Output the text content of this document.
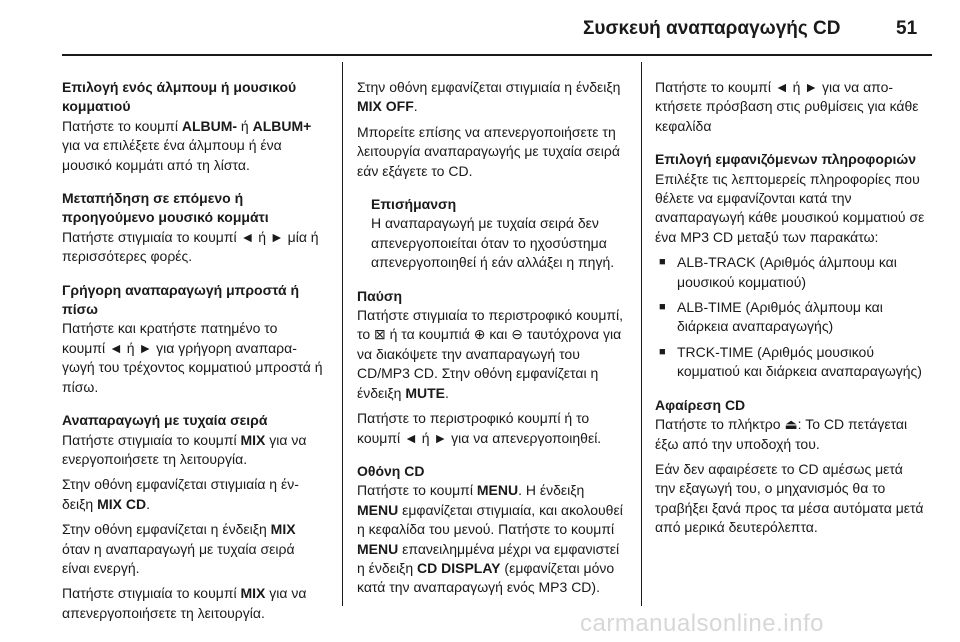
Συσκευή αναπαραγωγής CD	51
Επιλογή ενός άλμπουμ ή μουσικού κομματιού

Πατήστε το κουμπί ALBUM- ή ALBUM+ για να επιλέξετε ένα άλμπουμ ή ένα μουσικό κομμάτι από τη λίστα.

Μεταπήδηση σε επόμενο ή προηγούμενο μουσικό κομμάτι

Πατήστε στιγμιαία το κουμπί ◄ ή ► μία ή περισσότερες φορές.

Γρήγορη αναπαραγωγή μπροστά ή πίσω

Πατήστε και κρατήστε πατημένο το κουμπί ◄ ή ► για γρήγορη αναπαραγωγή του τρέχοντος κομματιού μπροστά ή πίσω.

Αναπαραγωγή με τυχαία σειρά

Πατήστε στιγμιαία το κουμπί MIX για να ενεργοποιήσετε τη λειτουργία.

Στην οθόνη εμφανίζεται στιγμιαία η ένδειξη MIX CD.

Στην οθόνη εμφανίζεται η ένδειξη MIX όταν η αναπαραγωγή με τυχαία σειρά είναι ενεργή.

Πατήστε στιγμιαία το κουμπί MIX για να απενεργοποιήσετε τη λειτουργία.

Στην οθόνη εμφανίζεται στιγμιαία η ένδειξη MIX OFF.

Μπορείτε επίσης να απενεργοποιήσετε τη λειτουργία αναπαραγωγής με τυχαία σειρά εάν εξάγετε το CD.

Επισήμανση

Η αναπαραγωγή με τυχαία σειρά δεν απενεργοποιείται όταν το ηχοσύστημα απενεργοποιηθεί ή εάν αλλάξει η πηγή.

Παύση

Πατήστε στιγμιαία το περιστροφικό κουμπί, το ⊠ ή τα κουμπιά ⊕ και ⊖ ταυτόχρονα για να διακόψετε την αναπαραγωγή του CD/MP3 CD. Στην οθόνη εμφανίζεται η ένδειξη MUTE.

Πατήστε το περιστροφικό κουμπί ή το κουμπί ◄ ή ► για να απενεργοποιηθεί.

Οθόνη CD

Πατήστε το κουμπί MENU. Η ένδειξη MENU εμφανίζεται στιγμιαία, και ακολουθεί η κεφαλίδα του μενού. Πατήστε το κουμπί MENU επανειλημμένα μέχρι να εμφανιστεί η ένδειξη CD DISPLAY (εμφανίζεται μόνο κατά την αναπαραγωγή ενός MP3 CD).

Πατήστε το κουμπί ◄ ή ► για να αποκτήσετε πρόσβαση στις ρυθμίσεις για κάθε κεφαλίδα

Επιλογή εμφανιζόμενων πληροφοριών

Επιλέξτε τις λεπτομερείς πληροφορίες που θέλετε να εμφανίζονται κατά την αναπαραγωγή κάθε μουσικού κομματιού σε ένα MP3 CD μεταξύ των παρακάτω:

■ ALB-TRACK (Αριθμός άλμπουμ και μουσικού κομματιού)
■ ALB-TIME (Αριθμός άλμπουμ και διάρκεια αναπαραγωγής)
■ TRCK-TIME (Αριθμός μουσικού κομματιού και διάρκεια αναπαραγωγής)
Αφαίρεση CD

Πατήστε το πλήκτρο ⏏: Το CD πετάγεται έξω από την υποδοχή του.

Εάν δεν αφαιρέσετε το CD αμέσως μετά την εξαγωγή του, ο μηχανισμός θα το τραβήξει ξανά προς τα μέσα αυτόματα μετά από μερικά δευτερόλεπτα.

carmanualsonline.info
